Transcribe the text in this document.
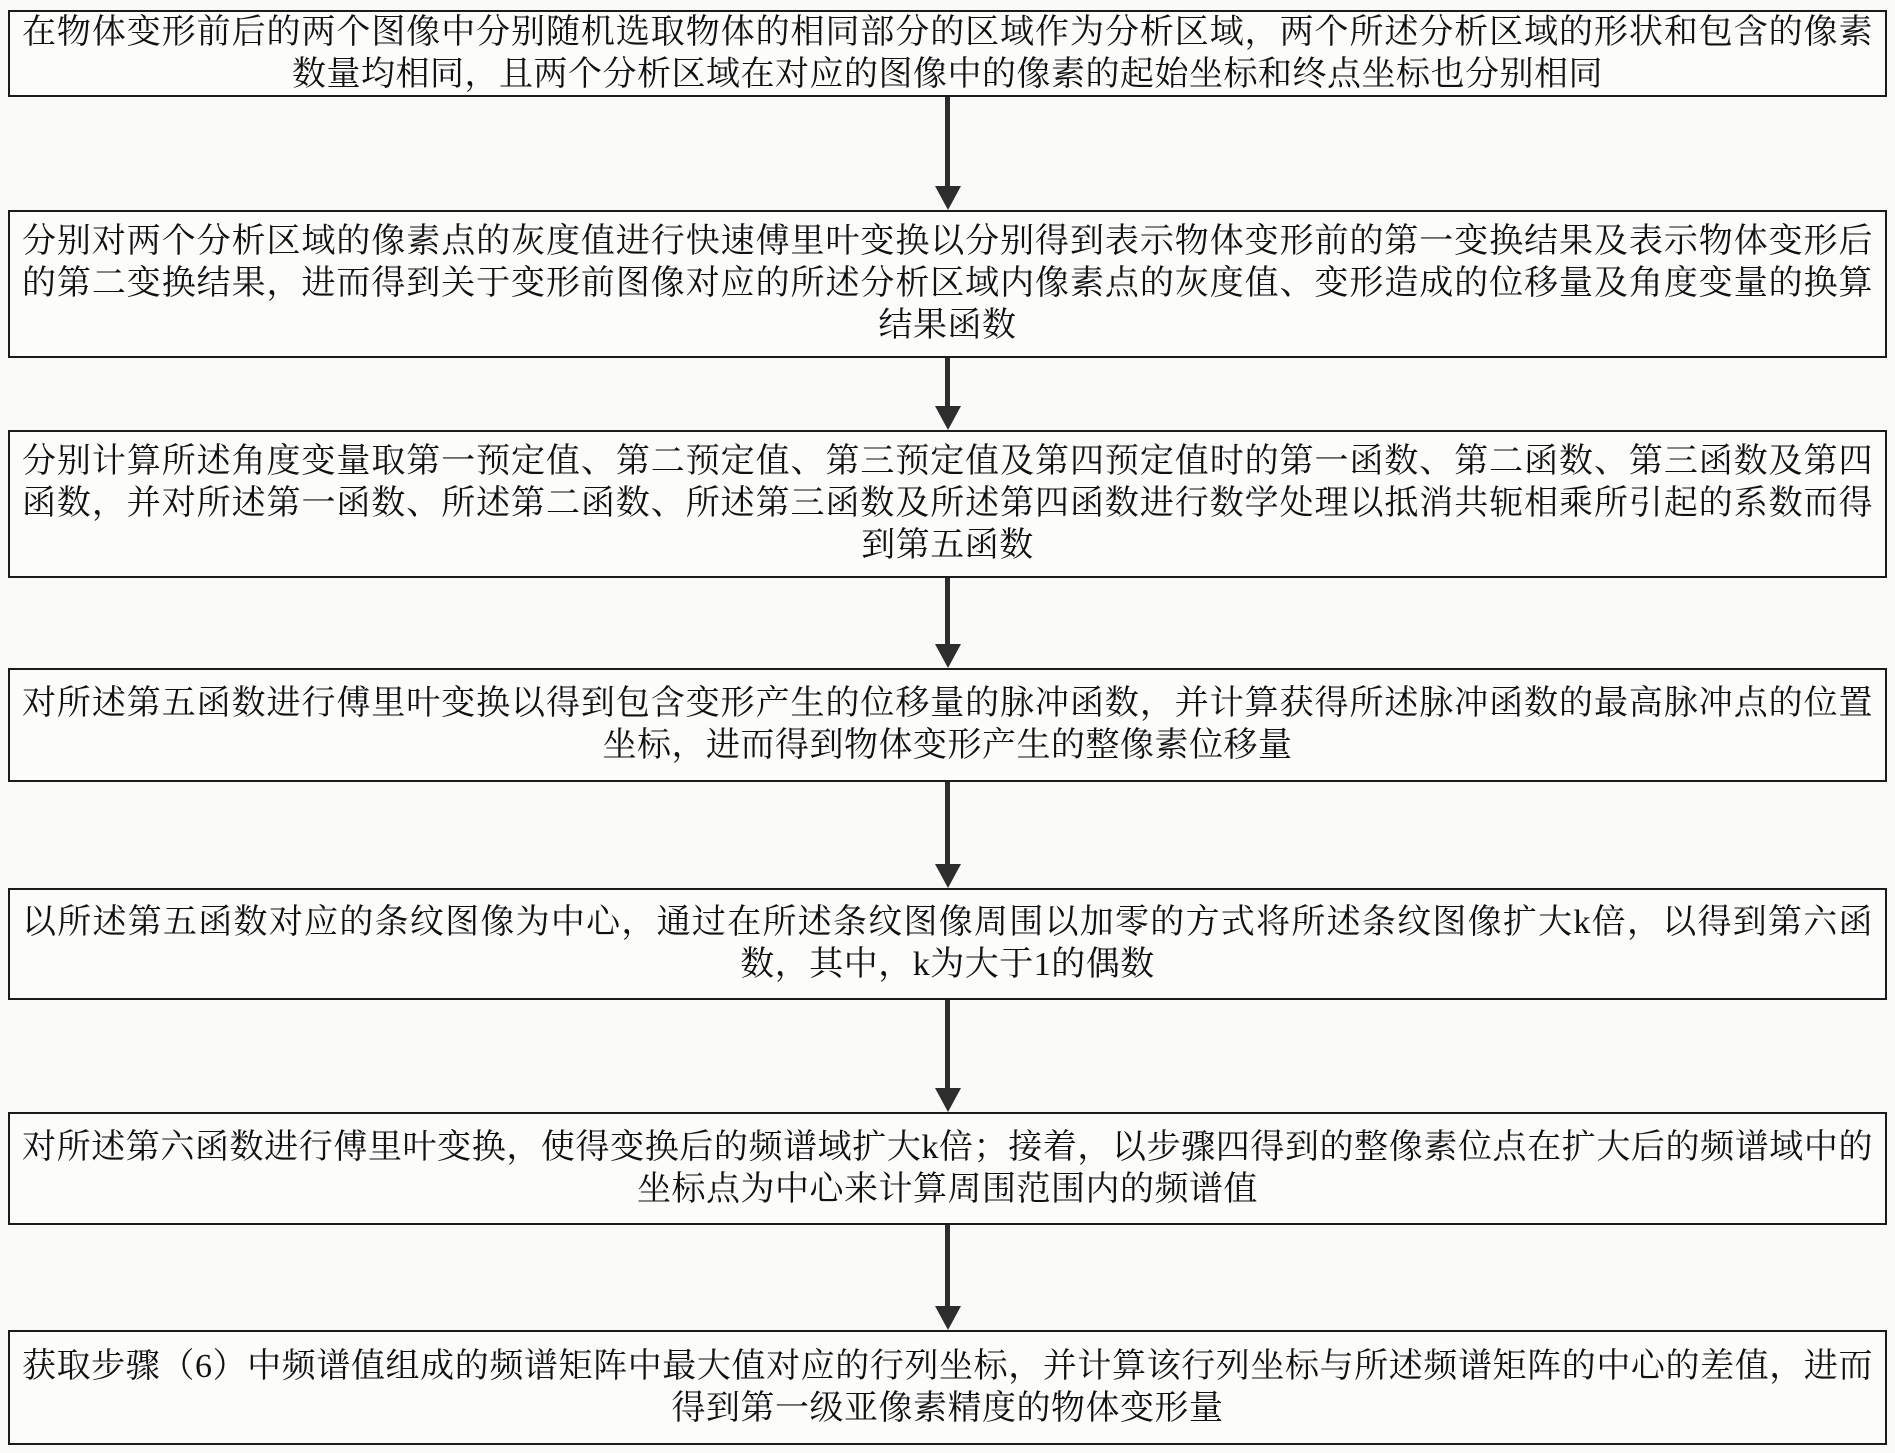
在物体变形前后的两个图像中分别随机选取物体的相同部分的区域作为分析区域，两个所述分析区域的形状和包含的像素数量均相同，且两个分析区域在对应的图像中的像素的起始坐标和终点坐标也分别相同
分别对两个分析区域的像素点的灰度值进行快速傅里叶变换以分别得到表示物体变形前的第一变换结果及表示物体变形后的第二变换结果，进而得到关于变形前图像对应的所述分析区域内像素点的灰度值、变形造成的位移量及角度变量的换算结果函数
分别计算所述角度变量取第一预定值、第二预定值、第三预定值及第四预定值时的第一函数、第二函数、第三函数及第四函数，并对所述第一函数、所述第二函数、所述第三函数及所述第四函数进行数学处理以抵消共轭相乘所引起的系数而得到第五函数
对所述第五函数进行傅里叶变换以得到包含变形产生的位移量的脉冲函数，并计算获得所述脉冲函数的最高脉冲点的位置坐标，进而得到物体变形产生的整像素位移量
以所述第五函数对应的条纹图像为中心，通过在所述条纹图像周围以加零的方式将所述条纹图像扩大k倍，以得到第六函数，其中，k为大于1的偶数
对所述第六函数进行傅里叶变换，使得变换后的频谱域扩大k倍；接着，以步骤四得到的整像素位点在扩大后的频谱域中的坐标点为中心来计算周围范围内的频谱值
获取步骤（6）中频谱值组成的频谱矩阵中最大值对应的行列坐标，并计算该行列坐标与所述频谱矩阵的中心的差值，进而得到第一级亚像素精度的物体变形量
